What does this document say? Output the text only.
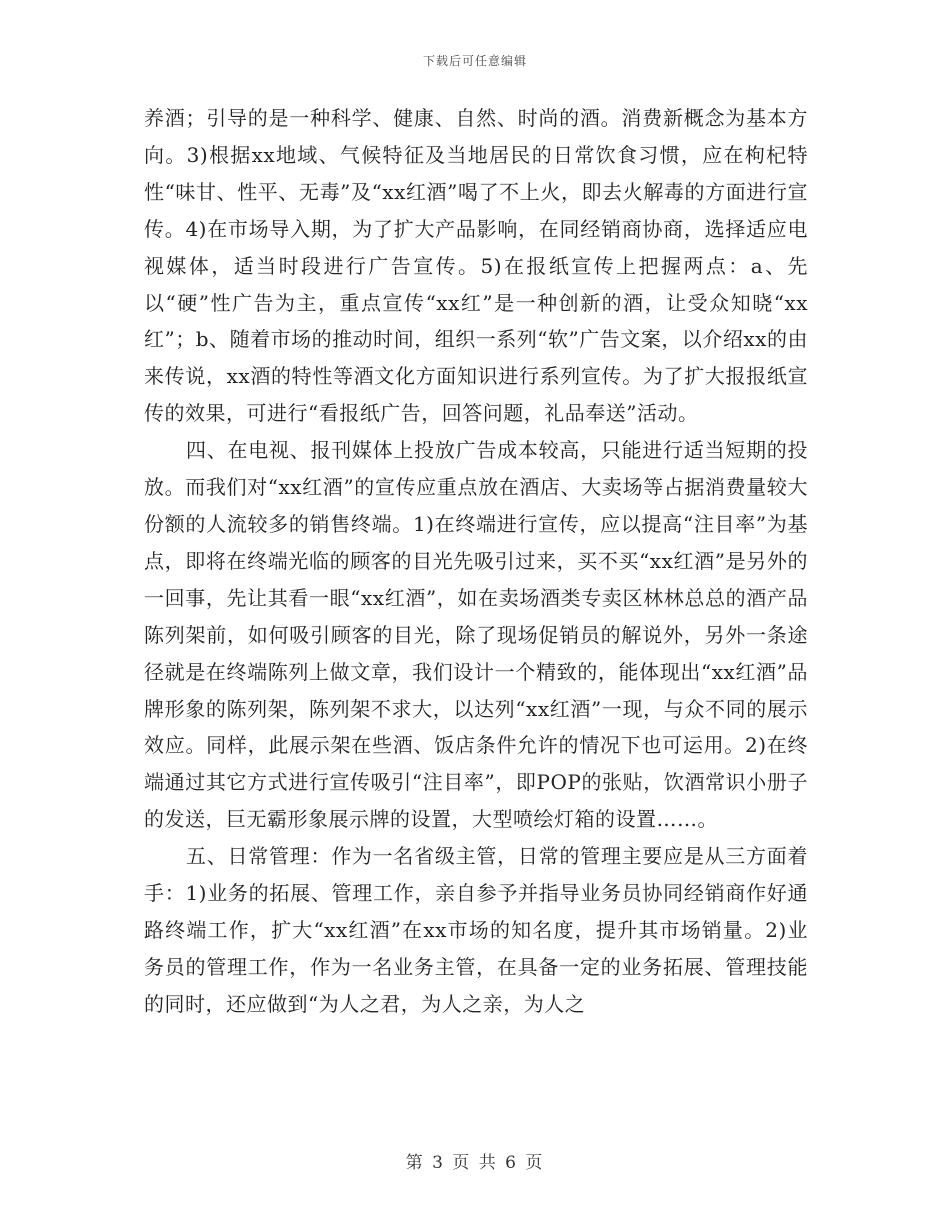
下载后可任意编辑

养酒；引导的是一种科学、健康、自然、时尚的酒。消费新概念为基本方向。3)根据xx地域、气候特征及当地居民的日常饮食习惯，应在枸杞特性“味甘、性平、无毒”及“xx红酒”喝了不上火，即去火解毒的方面进行宣传。4)在市场导入期，为了扩大产品影响，在同经销商协商，选择适应电视媒体，适当时段进行广告宣传。5)在报纸宣传上把握两点：a、先以“硬”性广告为主，重点宣传“xx红”是一种创新的酒，让受众知晓“xx红”；b、随着市场的推动时间，组织一系列“软”广告文案，以介绍xx的由来传说，xx酒的特性等酒文化方面知识进行系列宣传。为了扩大报报纸宣传的效果，可进行“看报纸广告，回答问题，礼品奉送”活动。

四、在电视、报刊媒体上投放广告成本较高，只能进行适当短期的投放。而我们对“xx红酒”的宣传应重点放在酒店、大卖场等占据消费量较大份额的人流较多的销售终端。1)在终端进行宣传，应以提高“注目率”为基点，即将在终端光临的顾客的目光先吸引过来，买不买“xx红酒”是另外的一回事，先让其看一眼“xx红酒”，如在卖场酒类专卖区林林总总的酒产品陈列架前，如何吸引顾客的目光，除了现场促销员的解说外，另外一条途径就是在终端陈列上做文章，我们设计一个精致的，能体现出“xx红酒”品牌形象的陈列架，陈列架不求大，以达列“xx红酒”一现，与众不同的展示效应。同样，此展示架在些酒、饭店条件允许的情况下也可运用。2)在终端通过其它方式进行宣传吸引“注目率”，即POP的张贴，饮酒常识小册子的发送，巨无霸形象展示牌的设置，大型喷绘灯箱的设置……。

五、日常管理：作为一名省级主管，日常的管理主要应是从三方面着手：1)业务的拓展、管理工作，亲自参予并指导业务员协同经销商作好通路终端工作，扩大“xx红酒”在xx市场的知名度，提升其市场销量。2)业务员的管理工作，作为一名业务主管，在具备一定的业务拓展、管理技能的同时，还应做到“为人之君，为人之亲，为人之

第 3 页 共 6 页
